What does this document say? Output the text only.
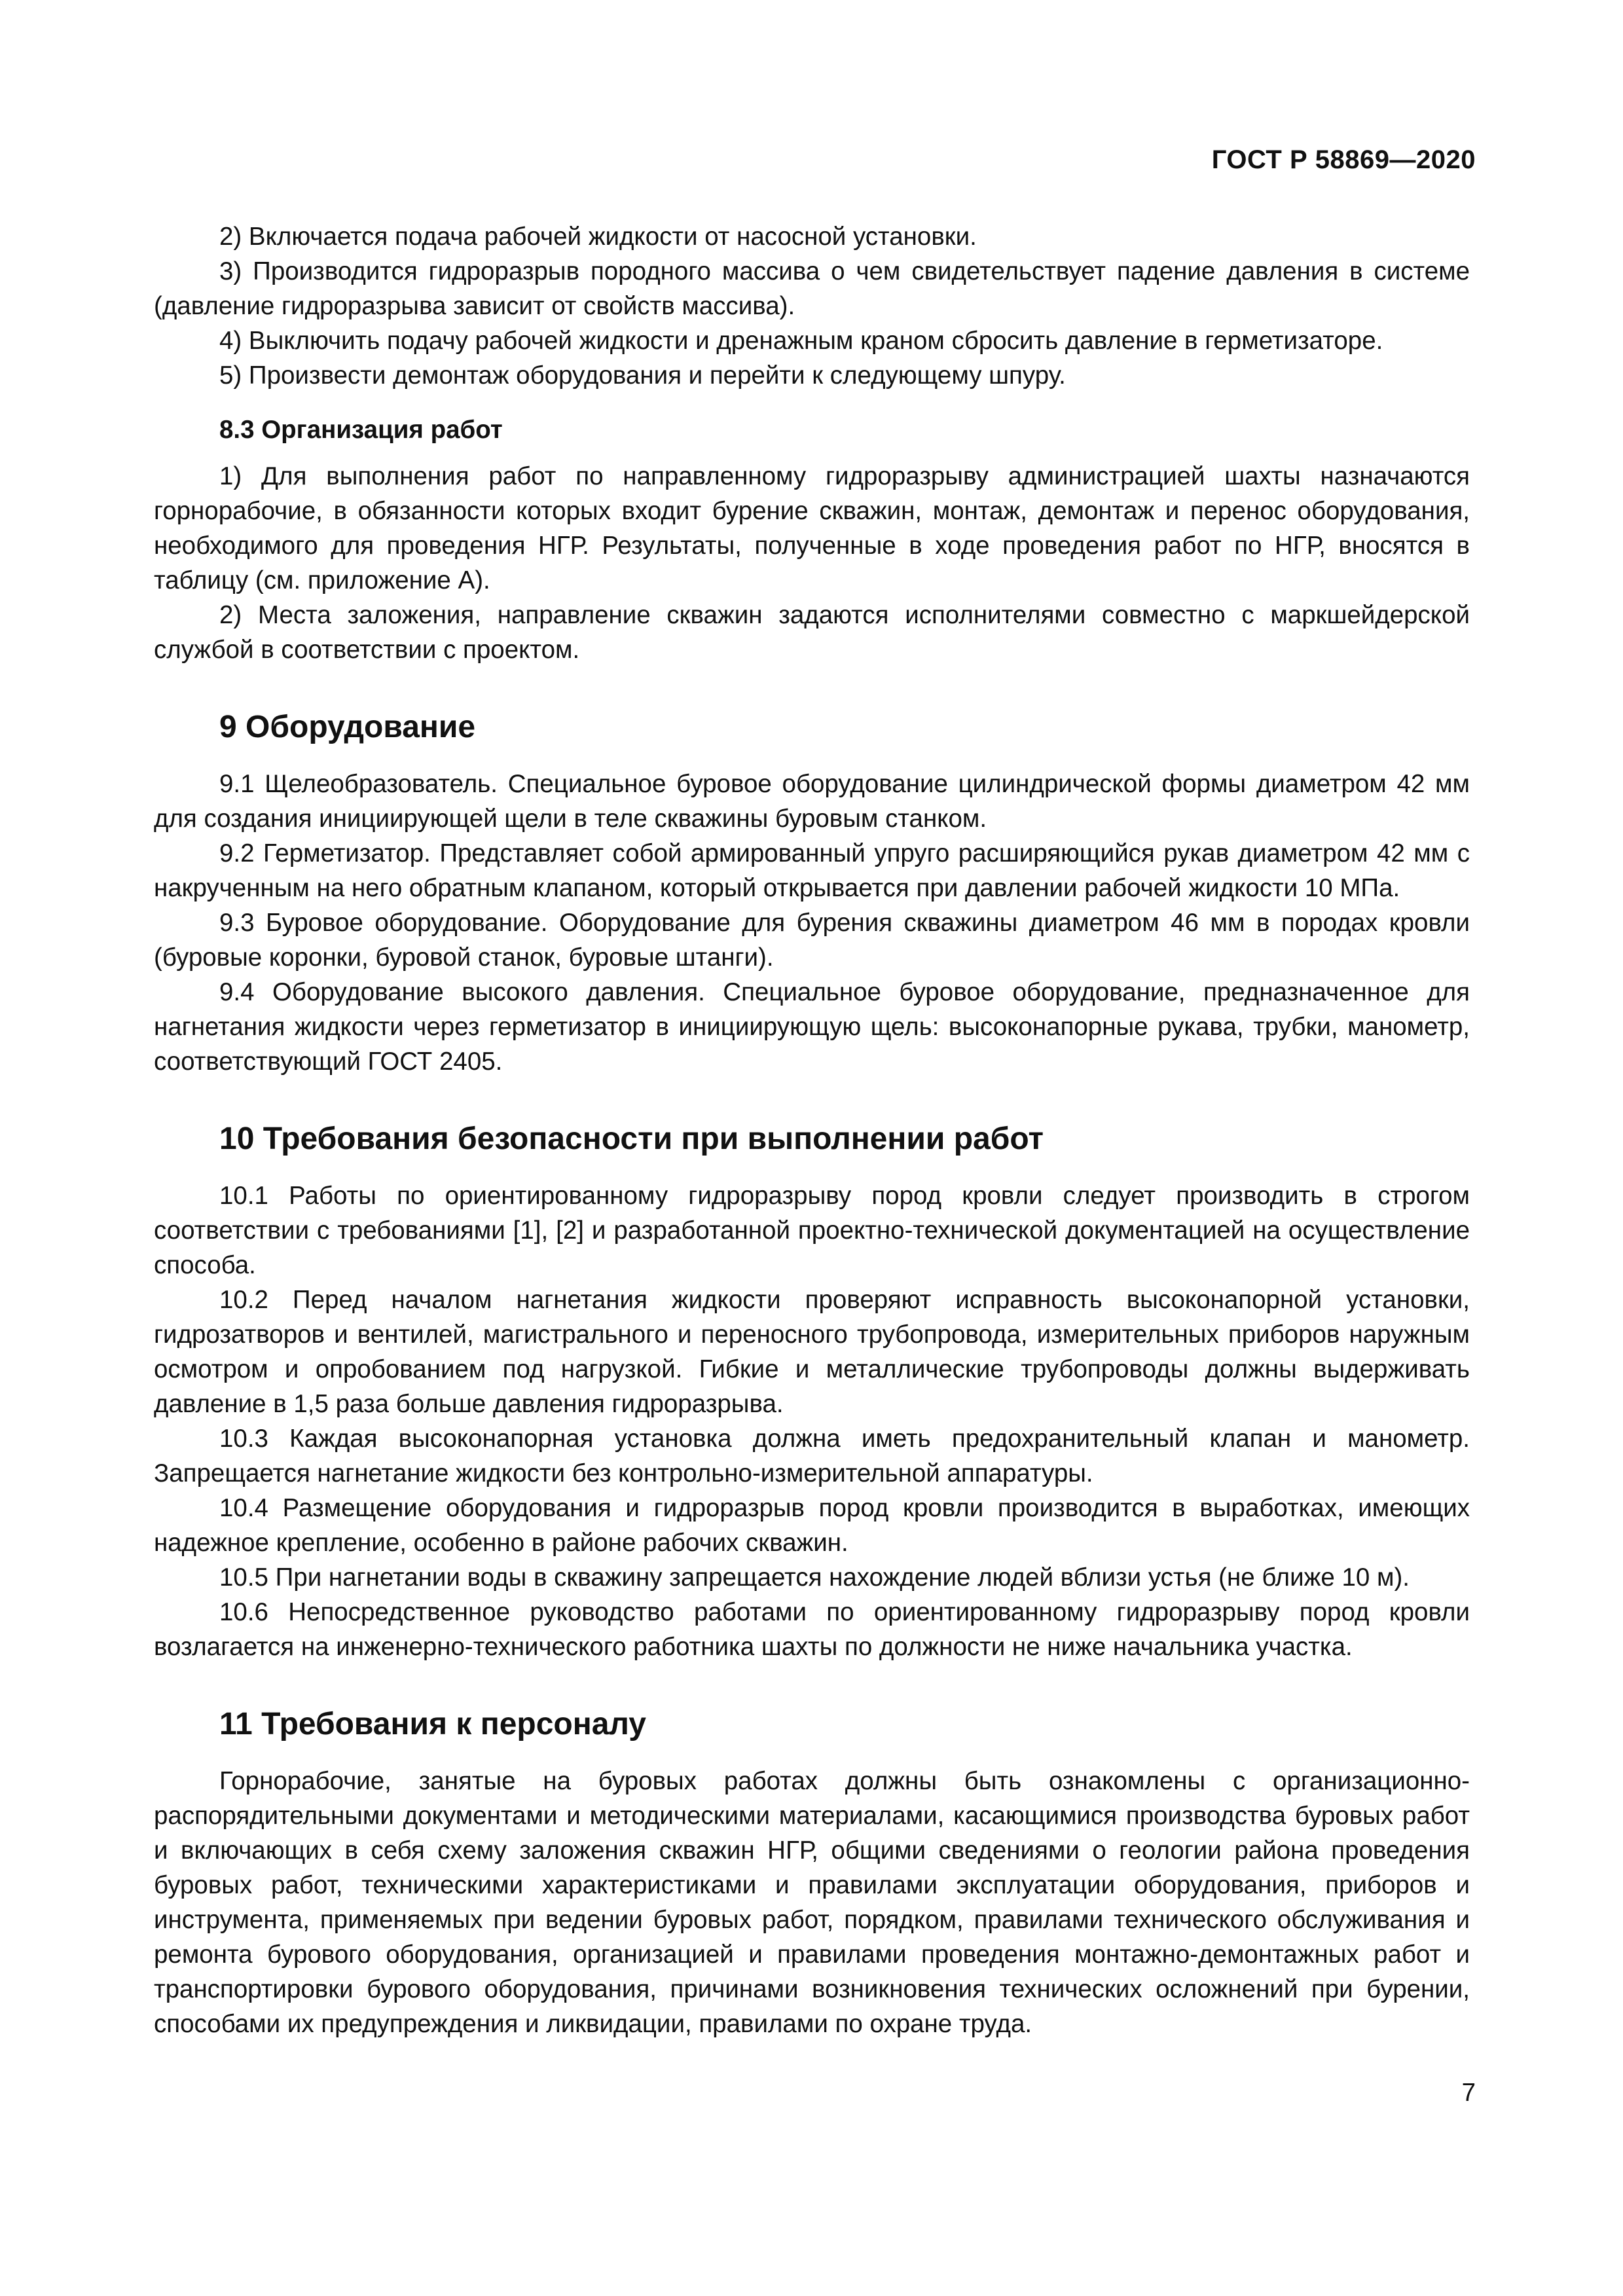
ГОСТ Р 58869—2020

2) Включается подача рабочей жидкости от насосной установки.

3) Производится гидроразрыв породного массива о чем свидетельствует падение давления в системе (давление гидроразрыва зависит от свойств массива).

4) Выключить подачу рабочей жидкости и дренажным краном сбросить давление в герметизаторе.

5) Произвести демонтаж оборудования и перейти к следующему шпуру.

8.3 Организация работ

1) Для выполнения работ по направленному гидроразрыву администрацией шахты назначаются горнорабочие, в обязанности которых входит бурение скважин, монтаж, демонтаж и перенос оборудования, необходимого для проведения НГР. Результаты, полученные в ходе проведения работ по НГР, вносятся в таблицу (см. приложение А).

2) Места заложения, направление скважин задаются исполнителями совместно с маркшейдерской службой в соответствии с проектом.

9 Оборудование

9.1 Щелеобразователь. Специальное буровое оборудование цилиндрической формы диаметром 42 мм для создания инициирующей щели в теле скважины буровым станком.

9.2 Герметизатор. Представляет собой армированный упруго расширяющийся рукав диаметром 42 мм с накрученным на него обратным клапаном, который открывается при давлении рабочей жидкости 10 МПа.

9.3 Буровое оборудование. Оборудование для бурения скважины диаметром 46 мм в породах кровли (буровые коронки, буровой станок, буровые штанги).

9.4 Оборудование высокого давления. Специальное буровое оборудование, предназначенное для нагнетания жидкости через герметизатор в инициирующую щель: высоконапорные рукава, трубки, манометр, соответствующий ГОСТ 2405.

10 Требования безопасности при выполнении работ

10.1 Работы по ориентированному гидроразрыву пород кровли следует производить в строгом соответствии с требованиями [1], [2] и разработанной проектно-технической документацией на осуществление способа.

10.2 Перед началом нагнетания жидкости проверяют исправность высоконапорной установки, гидрозатворов и вентилей, магистрального и переносного трубопровода, измерительных приборов наружным осмотром и опробованием под нагрузкой. Гибкие и металлические трубопроводы должны выдерживать давление в 1,5 раза больше давления гидроразрыва.

10.3 Каждая высоконапорная установка должна иметь предохранительный клапан и манометр. Запрещается нагнетание жидкости без контрольно-измерительной аппаратуры.

10.4 Размещение оборудования и гидроразрыв пород кровли производится в выработках, имеющих надежное крепление, особенно в районе рабочих скважин.

10.5 При нагнетании воды в скважину запрещается нахождение людей вблизи устья (не ближе 10 м).

10.6 Непосредственное руководство работами по ориентированному гидроразрыву пород кровли возлагается на инженерно-технического работника шахты по должности не ниже начальника участка.

11 Требования к персоналу

Горнорабочие, занятые на буровых работах должны быть ознакомлены с организационно-распорядительными документами и методическими материалами, касающимися производства буровых работ и включающих в себя схему заложения скважин НГР, общими сведениями о геологии района проведения буровых работ, техническими характеристиками и правилами эксплуатации оборудования, приборов и инструмента, применяемых при ведении буровых работ, порядком, правилами технического обслуживания и ремонта бурового оборудования, организацией и правилами проведения монтажно-демонтажных работ и транспортировки бурового оборудования, причинами возникновения технических осложнений при бурении, способами их предупреждения и ликвидации, правилами по охране труда.

7
